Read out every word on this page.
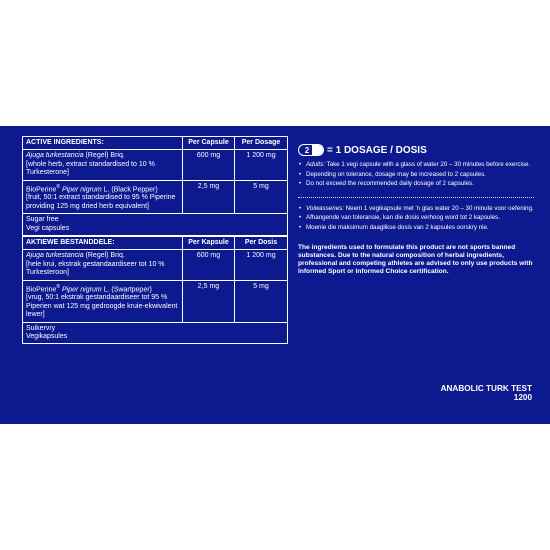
ACTIVE INGREDIENTS:	Per Capsule	Per Dosage
Ajuga turkestancia (Regel) Briq.
[whole herb, extract standardised to 10 % Turkesterone]	600 mg	1 200 mg
BioPerine® Piper nigrum L. (Black Pepper)
[fruit, 50:1 extract standardised to 95 % Piperine providing 125 mg dried herb equivalent]	2,5 mg	5 mg
Sugar free
Vegi capsules		
AKTIEWE BESTANDDELE:	Per Kapsule	Per Dosis
Ajuga turkestancia (Regel) Briq.
[hele krui, ekstrak gestandaardiseer tot 10 % Turkesteroon]	600 mg	1 200 mg
BioPerine® Piper nigrum L. (Swartpeper)
[vrug, 50:1 ekstrak gestandaardiseer tot 95 % Piperien wat 125 mg gedroogde kruie-ekwivalent lewer]	2,5 mg	5 mg
Suikervry
Vegikapsules		
2 = 1 DOSAGE / DOSIS
• Adults: Take 1 vegi capsule with a glass of water 20 – 30 minutes before exercise.
• Depending on tolerance, dosage may be increased to 2 capsules.
• Do not exceed the recommended daily dosage of 2 capsules.
• Volwassenes: Neem 1 vegikapsule met 'n glas water 20 – 30 minute voor oefening.
• Afhangende van toleransie, kan die dosis verhoog word tot 2 kapsules.
• Moenie die maksimum daaglikse dosis van 2 kapsules oorskry nie.
The ingredients used to formulate this product are not sports banned substances. Due to the natural composition of herbal ingredients, professional and competing athletes are advised to only use products with Informed Sport or Informed Choice certification.
ANABOLIC TURK TEST
1200
